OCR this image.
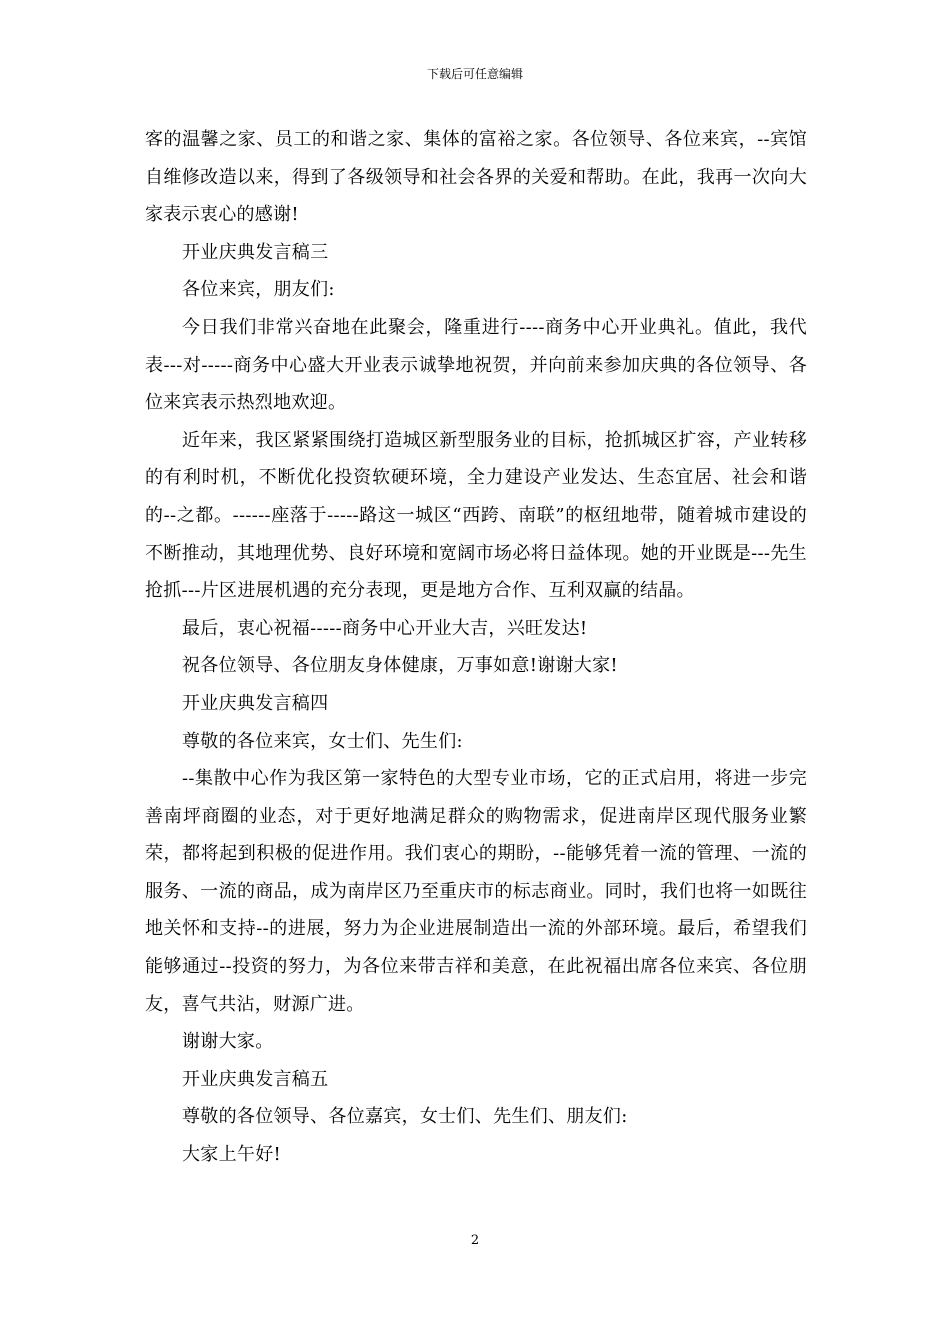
下载后可任意编辑

客的温馨之家、员工的和谐之家、集体的富裕之家。各位领导、各位来宾，--宾馆自维修改造以来，得到了各级领导和社会各界的关爱和帮助。在此，我再一次向大家表示衷心的感谢!

开业庆典发言稿三

各位来宾，朋友们:

今日我们非常兴奋地在此聚会，隆重进行----商务中心开业典礼。值此，我代表---对-----商务中心盛大开业表示诚挚地祝贺，并向前来参加庆典的各位领导、各位来宾表示热烈地欢迎。

近年来，我区紧紧围绕打造城区新型服务业的目标，抢抓城区扩容，产业转移的有利时机，不断优化投资软硬环境，全力建设产业发达、生态宜居、社会和谐的--之都。------座落于-----路这一城区“西跨、南联”的枢纽地带，随着城市建设的不断推动，其地理优势、良好环境和宽阔市场必将日益体现。她的开业既是---先生抢抓---片区进展机遇的充分表现，更是地方合作、互利双赢的结晶。

最后，衷心祝福-----商务中心开业大吉，兴旺发达!

祝各位领导、各位朋友身体健康，万事如意!谢谢大家!

开业庆典发言稿四

尊敬的各位来宾，女士们、先生们:

--集散中心作为我区第一家特色的大型专业市场，它的正式启用，将进一步完善南坪商圈的业态，对于更好地满足群众的购物需求，促进南岸区现代服务业繁荣，都将起到积极的促进作用。我们衷心的期盼，--能够凭着一流的管理、一流的服务、一流的商品，成为南岸区乃至重庆市的标志商业。同时，我们也将一如既往地关怀和支持--的进展，努力为企业进展制造出一流的外部环境。最后，希望我们能够通过--投资的努力，为各位来带吉祥和美意，在此祝福出席各位来宾、各位朋友，喜气共沾，财源广进。

谢谢大家。

开业庆典发言稿五

尊敬的各位领导、各位嘉宾，女士们、先生们、朋友们:

大家上午好!

2
